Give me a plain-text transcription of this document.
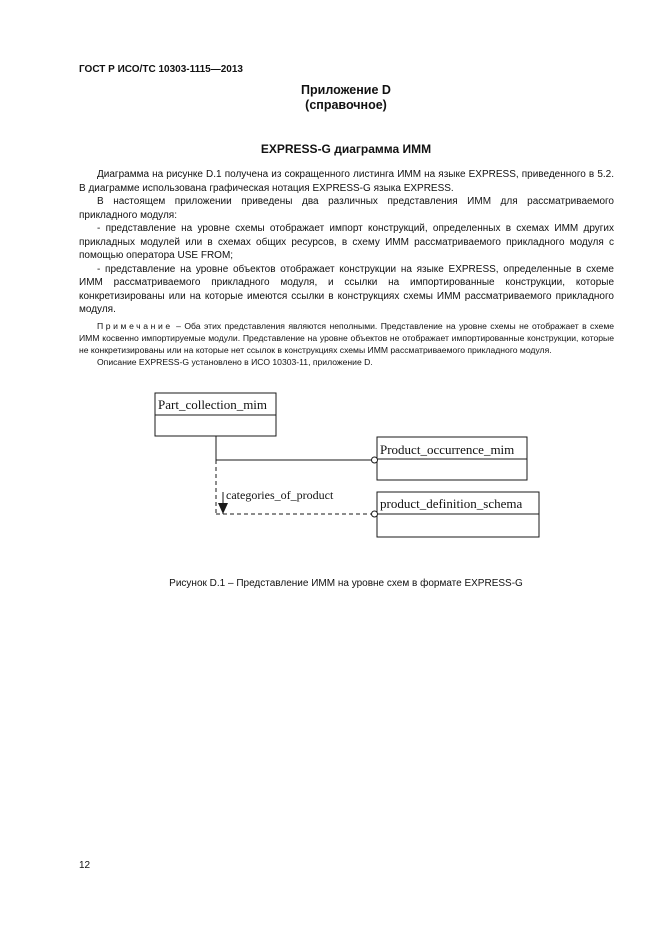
ГОСТ Р ИСО/ТС 10303-1115—2013
Приложение D
(справочное)
EXPRESS-G диаграмма ИММ

Диаграмма на рисунке D.1 получена из сокращенного листинга ИММ на языке EXPRESS, приведенного в 5.2. В диаграмме использована графическая нотация EXPRESS-G языка EXPRESS.

В настоящем приложении приведены два различных представления ИММ для рассматриваемого прикладного модуля:

- представление на уровне схемы отображает импорт конструкций, определенных в схемах ИММ других прикладных модулей или в схемах общих ресурсов, в схему ИММ рассматриваемого прикладного модуля с помощью оператора USE FROM;

- представление на уровне объектов отображает конструкции на языке EXPRESS, определенные в схеме ИММ рассматриваемого прикладного модуля, и ссылки на импортированные конструкции, которые конкретизированы или на которые имеются ссылки в конструкциях схемы ИММ рассматриваемого прикладного модуля.

Примечание – Оба этих представления являются неполными. Представление на уровне схемы не отображает в схеме ИММ косвенно импортируемые модули. Представление на уровне объектов не отображает импортированные конструкции, которые не конкретизированы или на которые нет ссылок в конструкциях схемы ИММ рассматриваемого прикладного модуля.

Описание EXPRESS-G установлено в ИСО 10303-11, приложение D.

Part_collection_mim
Product_occurrence_mim
product_definition_schema
categories_of_product
Рисунок D.1 – Представление ИММ на уровне схем в формате EXPRESS-G
12
